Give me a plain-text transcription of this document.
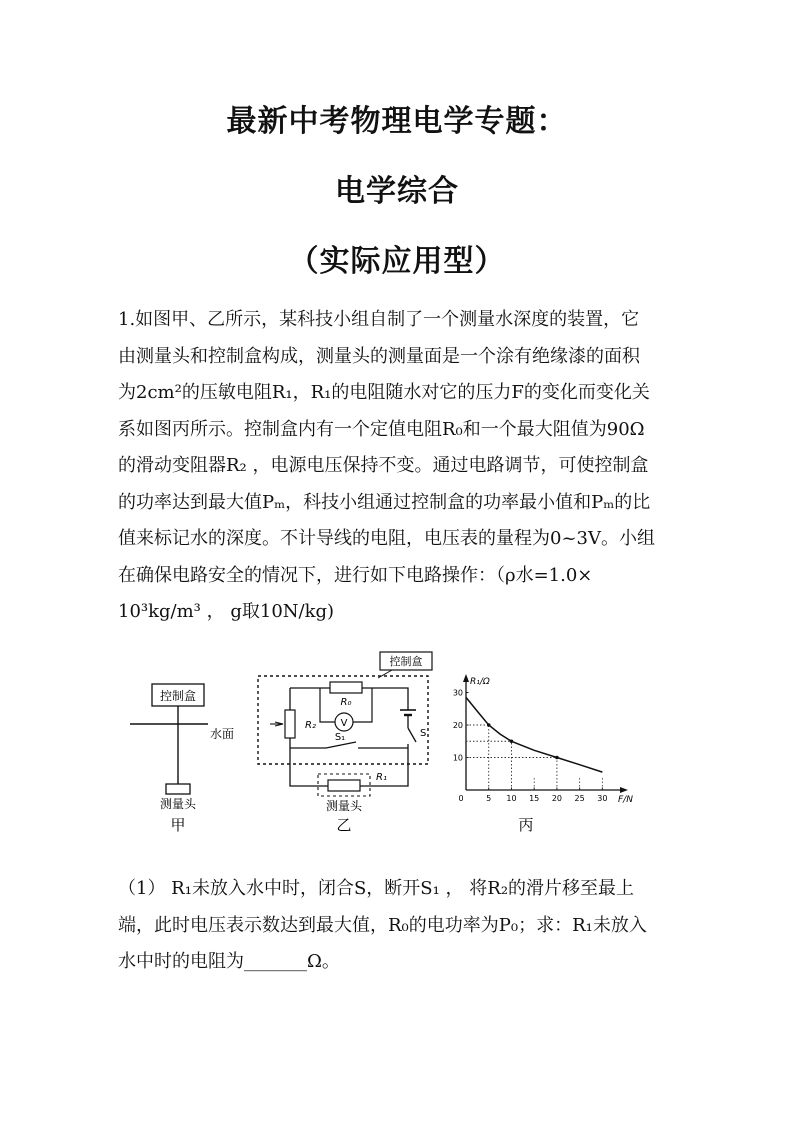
最新中考物理电学专题：
电学综合
（实际应用型）
1.如图甲、乙所示，某科技小组自制了一个测量水深度的装置，它
由测量头和控制盒构成，测量头的测量面是一个涂有绝缘漆的面积
为2cm²的压敏电阻R₁，R₁的电阻随水对它的压力F的变化而变化关
系如图丙所示。控制盒内有一个定值电阻R₀和一个最大阻值为90Ω
的滑动变阻器R₂ ，电源电压保持不变。通过电路调节，可使控制盒
的功率达到最大值Pₘ，科技小组通过控制盒的功率最小值和Pₘ的比
值来标记水的深度。不计导线的电阻，电压表的量程为0~3V。小组
在确保电路安全的情况下，进行如下电路操作：（ρ水=1.0×
10³kg/m³ ， g取10N/kg)
控制盒
水面
测量头
甲
控制盒
R₀
V
R₂
S
S₁
R₁
测量头
乙
F/N
R₁/Ω
0	5 10 15 20 25 30
10
20
30
丙
（1） R₁未放入水中时，闭合S，断开S₁ ， 将R₂的滑片移至最上
端，此时电压表示数达到最大值，R₀的电功率为P₀；求：R₁未放入
水中时的电阻为_______Ω。
